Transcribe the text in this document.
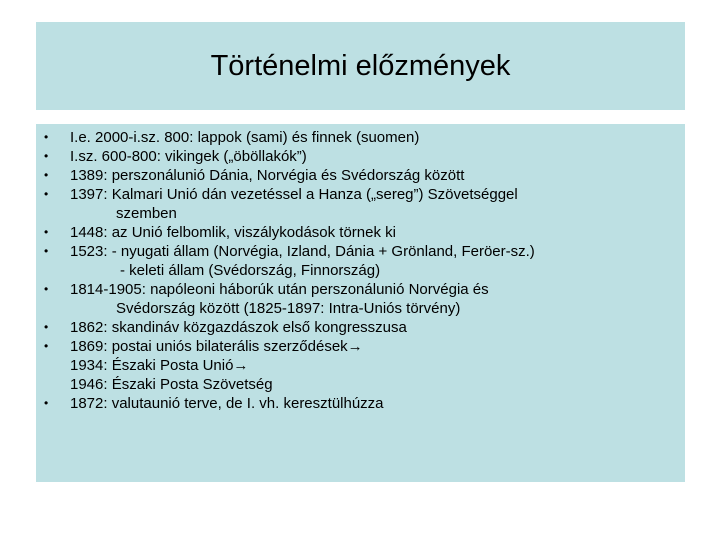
Történelmi előzmények
• I.e. 2000-i.sz. 800: lappok (sami) és finnek (suomen)
• I.sz. 600-800: vikingek („öböllakók”)
• 1389: perszonálunió Dánia, Norvégia és Svédország között
• 1397: Kalmari Unió dán vezetéssel a Hanza („sereg”) Szövetséggel
szemben
• 1448: az Unió felbomlik, viszálykodások törnek ki
• 1523: - nyugati állam (Norvégia, Izland, Dánia + Grönland, Feröer-sz.)
- keleti állam (Svédország, Finnország)
• 1814-1905: napóleoni háborúk után perszonálunió Norvégia és
Svédország között (1825-1897: Intra-Uniós törvény)
• 1862: skandináv közgazdászok első kongresszusa
• 1869: postai uniós bilaterális szerződések→
1934: Északi Posta Unió→
1946: Északi Posta Szövetség
• 1872: valutaunió terve, de I. vh. keresztülhúzza
